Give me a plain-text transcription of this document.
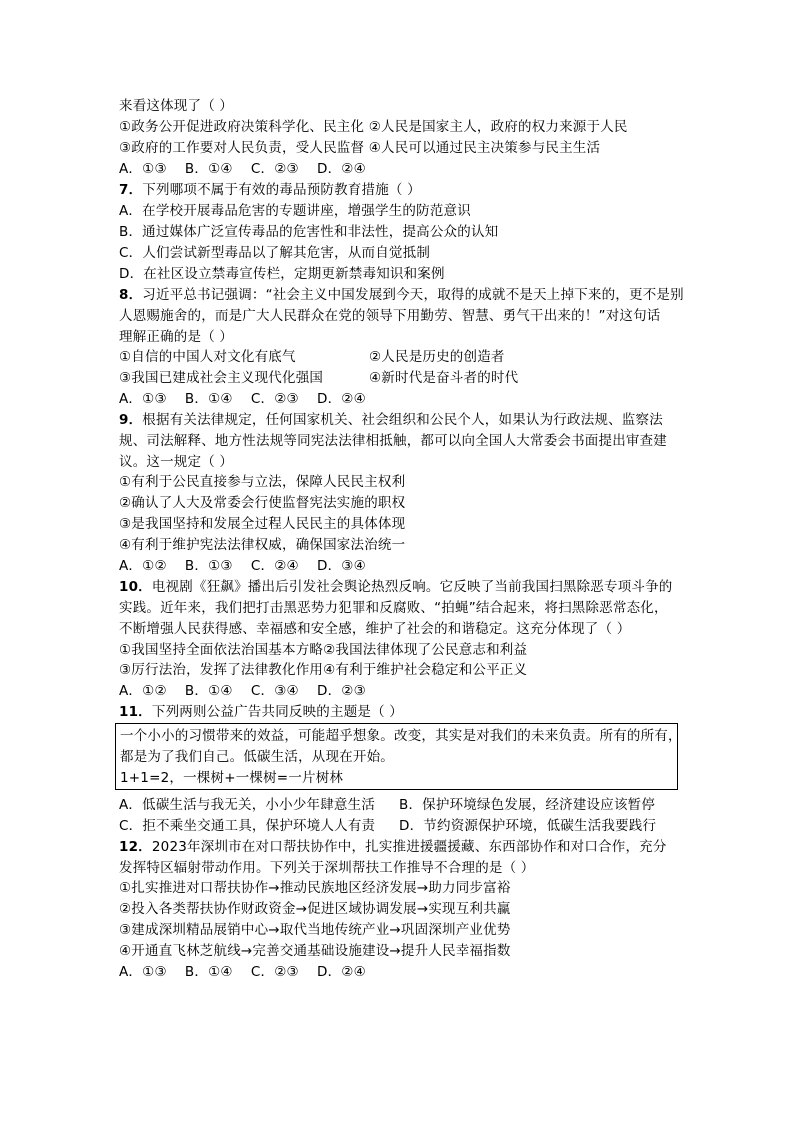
来看这体现了（ ）
①政务公开促进政府决策科学化、民主化 ②人民是国家主人，政府的权力来源于人民
③政府的工作要对人民负责，受人民监督 ④人民可以通过民主决策参与民主生活
A．①③　 B．①④　 C．②③　 D．②④
7．下列哪项不属于有效的毒品预防教育措施（ ）
A．在学校开展毒品危害的专题讲座，增强学生的防范意识
B．通过媒体广泛宣传毒品的危害性和非法性，提高公众的认知
C．人们尝试新型毒品以了解其危害，从而自觉抵制
D．在社区设立禁毒宣传栏，定期更新禁毒知识和案例
8．习近平总书记强调：“社会主义中国发展到今天，取得的成就不是天上掉下来的，更不是别
人恩赐施舍的，而是广大人民群众在党的领导下用勤劳、智慧、勇气干出来的！”对这句话
理解正确的是（ ）
①自信的中国人对文化有底气	②人民是历史的创造者
③我国已建成社会主义现代化强国	④新时代是奋斗者的时代
A．①③　 B．①④　 C．②③　 D．②④
9．根据有关法律规定，任何国家机关、社会组织和公民个人，如果认为行政法规、监察法
规、司法解释、地方性法规等同宪法法律相抵触，都可以向全国人大常委会书面提出审查建
议。这一规定（ ）
①有利于公民直接参与立法，保障人民民主权利
②确认了人大及常委会行使监督宪法实施的职权
③是我国坚持和发展全过程人民民主的具体体现
④有利于维护宪法法律权威，确保国家法治统一
A．①②　 B．①③　 C．②④　 D．③④
10．电视剧《狂飙》播出后引发社会舆论热烈反响。它反映了当前我国扫黑除恶专项斗争的
实践。近年来，我们把打击黑恶势力犯罪和反腐败、“拍蝇”结合起来，将扫黑除恶常态化，
不断增强人民获得感、幸福感和安全感，维护了社会的和谐稳定。这充分体现了（ ）
①我国坚持全面依法治国基本方略②我国法律体现了公民意志和利益
③厉行法治，发挥了法律教化作用④有利于维护社会稳定和公平正义
A．①②　 B．①④　 C．③④　 D．②③
11．下列两则公益广告共同反映的主题是（ ）
一个小小的习惯带来的效益，可能超乎想象。改变，其实是对我们的未来负责。所有的所有，
都是为了我们自己。低碳生活，从现在开始。
1+1=2，一棵树+一棵树=一片树林
A．低碳生活与我无关，小小少年肆意生活 B．保护环境绿色发展，经济建设应该暂停
C．拒不乘坐交通工具，保护环境人人有责 D．节约资源保护环境，低碳生活我要践行
12．2023年深圳市在对口帮扶协作中，扎实推进援疆援藏、东西部协作和对口合作，充分
发挥特区辐射带动作用。下列关于深圳帮扶工作推导不合理的是（ ）
①扎实推进对口帮扶协作→推动民族地区经济发展→助力同步富裕
②投入各类帮扶协作财政资金→促进区域协调发展→实现互利共赢
③建成深圳精品展销中心→取代当地传统产业→巩固深圳产业优势
④开通直飞林芝航线→完善交通基础设施建设→提升人民幸福指数
A．①③　 B．①④　 C．②③　 D．②④
